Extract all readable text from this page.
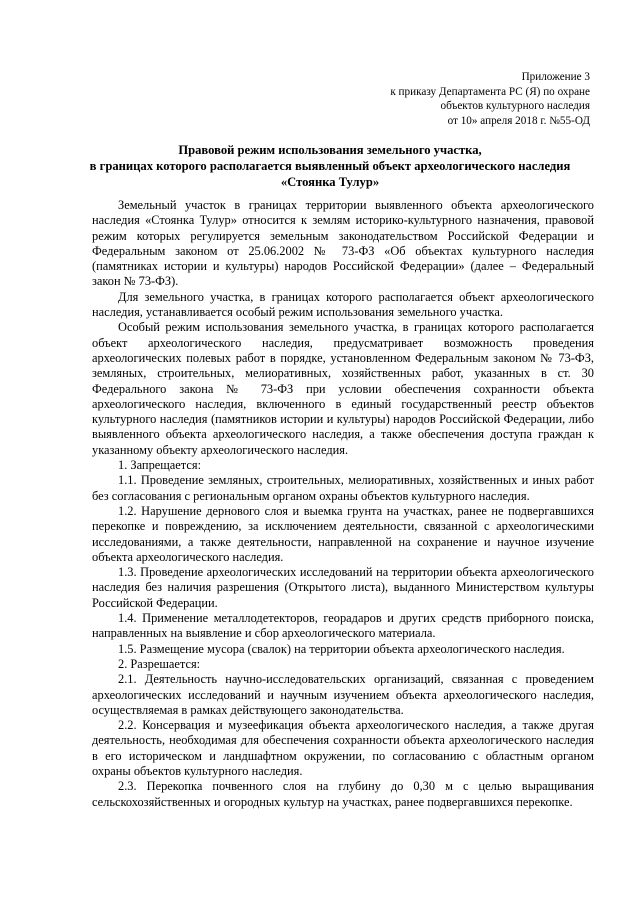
Приложение 3
к приказу Департамента РС (Я) по охране
объектов культурного наследия
от 10» апреля 2018 г. №55-ОД
Правовой режим использования земельного участка,
в границах которого располагается выявленный объект археологического наследия
«Стоянка Тулур»

Земельный участок в границах территории выявленного объекта археологического наследия «Стоянка Тулур» относится к землям историко-культурного назначения, правовой режим которых регулируется земельным законодательством Российской Федерации и Федеральным законом от 25.06.2002 № 73-ФЗ «Об объектах культурного наследия (памятниках истории и культуры) народов Российской Федерации» (далее – Федеральный закон № 73-ФЗ).

Для земельного участка, в границах которого располагается объект археологического наследия, устанавливается особый режим использования земельного участка.

Особый режим использования земельного участка, в границах которого располагается объект археологического наследия, предусматривает возможность проведения археологических полевых работ в порядке, установленном Федеральным законом № 73-ФЗ, земляных, строительных, мелиоративных, хозяйственных работ, указанных в ст. 30 Федерального закона № 73-ФЗ при условии обеспечения сохранности объекта археологического наследия, включенного в единый государственный реестр объектов культурного наследия (памятников истории и культуры) народов Российской Федерации, либо выявленного объекта археологического наследия, а также обеспечения доступа граждан к указанному объекту археологического наследия.

1. Запрещается:

1.1. Проведение земляных, строительных, мелиоративных, хозяйственных и иных работ без согласования с региональным органом охраны объектов культурного наследия.

1.2. Нарушение дернового слоя и выемка грунта на участках, ранее не подвергавшихся перекопке и повреждению, за исключением деятельности, связанной с археологическими исследованиями, а также деятельности, направленной на сохранение и научное изучение объекта археологического наследия.

1.3. Проведение археологических исследований на территории объекта археологического наследия без наличия разрешения (Открытого листа), выданного Министерством культуры Российской Федерации.

1.4. Применение металлодетекторов, георадаров и других средств приборного поиска, направленных на выявление и сбор археологического материала.

1.5. Размещение мусора (свалок) на территории объекта археологического наследия.

2. Разрешается:

2.1. Деятельность научно-исследовательских организаций, связанная с проведением археологических исследований и научным изучением объекта археологического наследия, осуществляемая в рамках действующего законодательства.

2.2. Консервация и музеефикация объекта археологического наследия, а также другая деятельность, необходимая для обеспечения сохранности объекта археологического наследия в его историческом и ландшафтном окружении, по согласованию с областным органом охраны объектов культурного наследия.

2.3. Перекопка почвенного слоя на глубину до 0,30 м с целью выращивания сельскохозяйственных и огородных культур на участках, ранее подвергавшихся перекопке.
